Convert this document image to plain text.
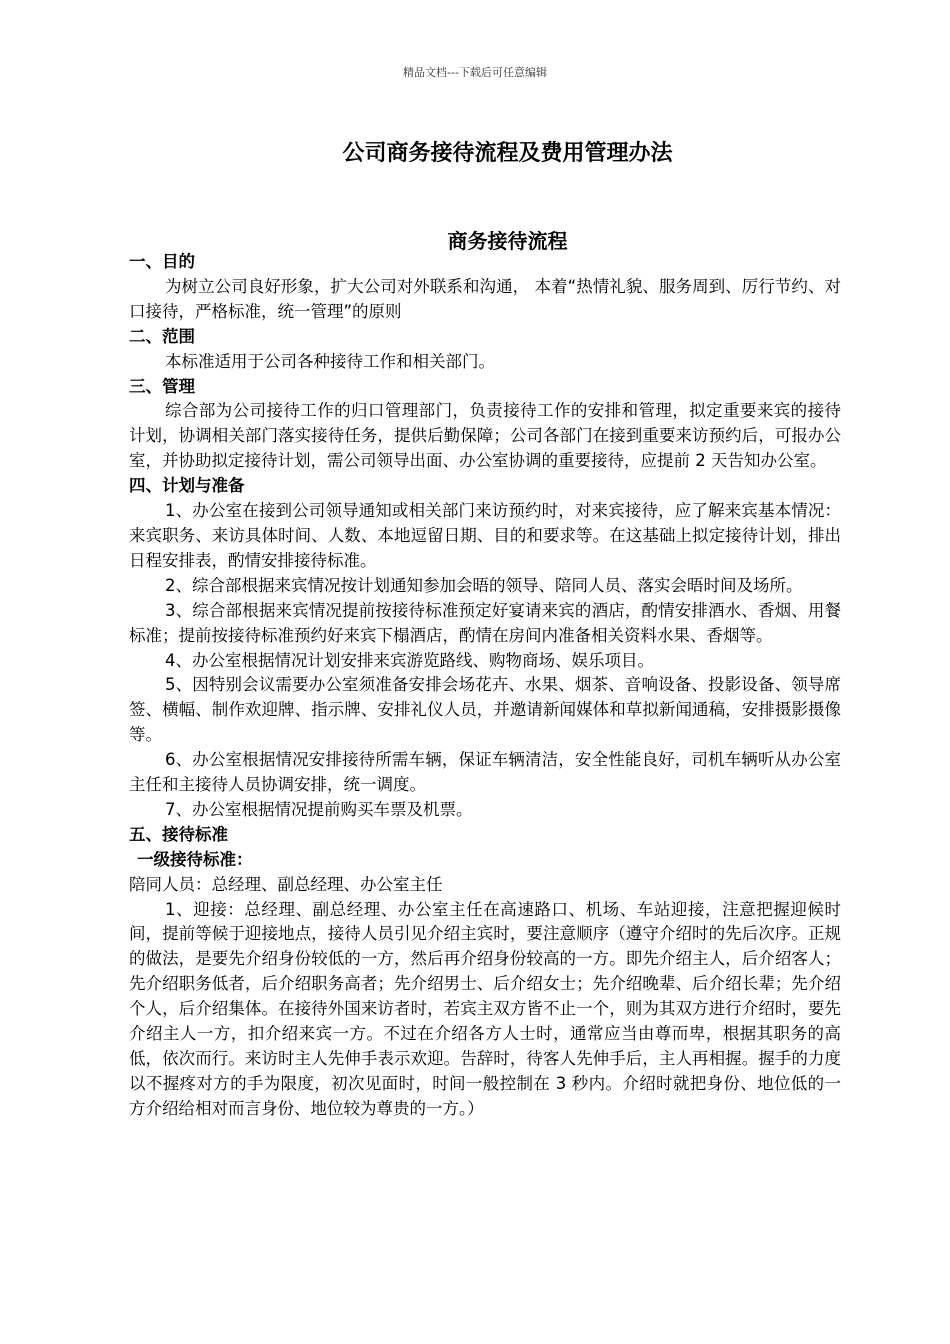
精品文档---下载后可任意编辑
公司商务接待流程及费用管理办法
商务接待流程

一、目的

为树立公司良好形象，扩大公司对外联系和沟通， 本着“热情礼貌、服务周到、厉行节约、对口接待，严格标准，统一管理”的原则

二、范围

本标准适用于公司各种接待工作和相关部门。

三、管理

综合部为公司接待工作的归口管理部门，负责接待工作的安排和管理，拟定重要来宾的接待计划，协调相关部门落实接待任务，提供后勤保障；公司各部门在接到重要来访预约后，可报办公室，并协助拟定接待计划，需公司领导出面、办公室协调的重要接待，应提前 2 天告知办公室。

四、计划与准备

1、办公室在接到公司领导通知或相关部门来访预约时，对来宾接待，应了解来宾基本情况：来宾职务、来访具体时间、人数、本地逗留日期、目的和要求等。在这基础上拟定接待计划，排出日程安排表，酌情安排接待标准。

2、综合部根据来宾情况按计划通知参加会晤的领导、陪同人员、落实会晤时间及场所。

3、综合部根据来宾情况提前按接待标准预定好宴请来宾的酒店，酌情安排酒水、香烟、用餐标准；提前按接待标准预约好来宾下榻酒店，酌情在房间内准备相关资料水果、香烟等。

4、办公室根据情况计划安排来宾游览路线、购物商场、娱乐项目。

5、因特别会议需要办公室须准备安排会场花卉、水果、烟茶、音响设备、投影设备、领导席签、横幅、制作欢迎牌、指示牌、安排礼仪人员，并邀请新闻媒体和草拟新闻通稿，安排摄影摄像等。

6、办公室根据情况安排接待所需车辆，保证车辆清洁，安全性能良好，司机车辆听从办公室主任和主接待人员协调安排，统一调度。

7、办公室根据情况提前购买车票及机票。

五、接待标准

一级接待标准：

陪同人员：总经理、副总经理、办公室主任

1、迎接：总经理、副总经理、办公室主任在高速路口、机场、车站迎接，注意把握迎候时间，提前等候于迎接地点，接待人员引见介绍主宾时，要注意顺序（遵守介绍时的先后次序。正规的做法，是要先介绍身份较低的一方，然后再介绍身份较高的一方。即先介绍主人，后介绍客人；先介绍职务低者，后介绍职务高者；先介绍男士、后介绍女士；先介绍晚辈、后介绍长辈；先介绍个人，后介绍集体。在接待外国来访者时，若宾主双方皆不止一个，则为其双方进行介绍时，要先介绍主人一方，扣介绍来宾一方。不过在介绍各方人士时，通常应当由尊而卑，根据其职务的高低，依次而行。来访时主人先伸手表示欢迎。告辞时，待客人先伸手后，主人再相握。握手的力度以不握疼对方的手为限度，初次见面时，时间一般控制在 3 秒内。介绍时就把身份、地位低的一方介绍给相对而言身份、地位较为尊贵的一方。）
